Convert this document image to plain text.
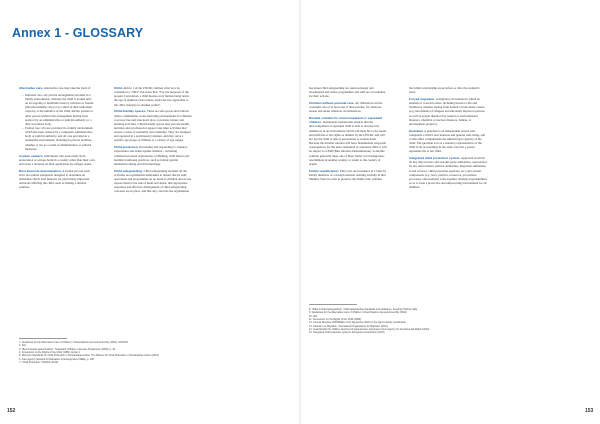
Annex 1 - GLOSSARY

Alternative care. Alternative care may take the form of:

– Informal care: any private arrangement provided in a family environment, whereby the child is looked after on an ongoing or indefinite basis by relatives or friends (informal kinship care) or by others in their individual capacity, at the initiative of the child, his/her parents or other person without this arrangement having been ordered by an administrative or judicial authority or a duly accredited body.
– Formal care: all care provided in a family environment which has been ordered by a competent administrative body or judicial authority, and all care provided in a residential environment, including in private facilities, whether or not as a result of administrative or judicial measures.

Asylum seekers. Individuals who seek safety from persecution or serious harm in a country other than their own and await a decision on their application for refugee status.

Best interests determination. A formal process with strict procedural safeguards designed to determine an individual child's best interests for particularly important decisions affecting the child, such as finding a durable solution.

Child. Article 1 of the UNCRC defines what is to be considered a "child" and states that: "For the purposes of the present Convention, a child means every human being below the age of eighteen years unless, under the law applicable to the child, majority is attained earlier".

Child-friendly spaces. These are safe spaces and schools where communities create nurturing environments for children to access free and structured play, recreation, leisure and learning activities. Child-friendly spaces may provide health, nutrition and psychosocial support and other activities that restore a sense of normality and continuity. They are designed and operated in a participatory manner, and may serve a specific age group of children or a variety of age ranges.

Child protection. Preventing and responding to violence, exploitation and abuse against children – including commercial sexual exploitation, trafficking, child labour and harmful traditional practices, such as female genital mutilation/cutting and child marriage.

Child safeguarding. Child safeguarding includes all the activities an organisation undertakes to ensure that its staff, operations and programmes do no harm to children and do not expose them to the risk of harm and abuse; that appropriate responses and effective management of child safeguarding concerns are in place; and that any concerns the organisation

1. Guidelines for the Alternative Care of Children, United Nations General Assembly (2010): A/64/434
2. Ibid.
3. "Best interests determination", Separated Children in Europe Programme (2009), p. 19
4. Convention on the Rights of the Child (1989), Article 1
5. Minimum Standards for Child Protection in Humanitarian Action, The Alliance for Child Protection in Humanitarian Action (2019)
6. Inter-Agency Network for Education in Emergencies (INEE), p. 128
7. "Child Protection" UNICEF (2016)
152

has about child safeguarding are taken seriously and investigated and where programmes and staff are accountable for their actions.

Children without parental care. All children not in the overnight care of at least one of their parents, for whatever reason and under whatever circumstances.

Durable solution for unaccompanied or separated children. Sustainable solution that ensures that the unaccompanied or separated child is able to develop into adulthood, in an environment which will meet his or her needs and fulfil his or her rights as defined by the UNCRC and will not put the child at risk of persecution or serious harm. Because the durable solution will have fundamental long-term consequences for the unaccompanied or separated child, it will be subject to a BID (Best Interests Determination). A durable solution generally takes one of three forms: local integration, resettlement in another country or return to the country of origin.

Family reunification. Entry into and residence in a State by family members of a foreign national residing lawfully in that Member State in order to preserve the family unit, whether

the family relationship arose before or after the resident's entry.

Forced migration. A migratory movement in which an element of coercion exists, including threats to life and livelihood, whether arising from natural or man-made causes (e.g. movements of refugees and internally displaced persons as well as people displaced by natural or environmental disasters, chemical or nuclear disasters, famine, or development projects).

Guardian. A guardian is an independent person who safeguards a child's best interests and general well-being, and to this effect complements the limited legal capacity of the child. The guardian acts as a statutory representative of the child in all proceedings in the same way that a parent represents his or her child.

Integrated child protection system. Approach in which all key duty-bearers and systems (state authorities, represented by law enforcement, judicial authorities, migration authorities, social services, child protection agencies, etc.) and system components (e.g. laws, policies, resources, procedures, processes, enforcement) work together, sharing responsibilities so as to form a protective and empowering environment for all children.

8. "What is child safeguarding", Child safeguarding standards and guidelines, Keeping Children Safe
9. Guidelines for the Alternative Care of Children, United Nations General Assembly (2010)
10. Ibid.
11. Convention on the Rights of the Child (1989)
12. Council Directive 2003/86/EC of 22 September 2003 on the right to family reunification
13. Glossary on Migration, International Organization for Migration (2011)
14. Guardianship for children deprived of parental care, European Union Agency for Fundamental Rights (2014)
15. Integrated child protection systems, European Commission (2015)
153
